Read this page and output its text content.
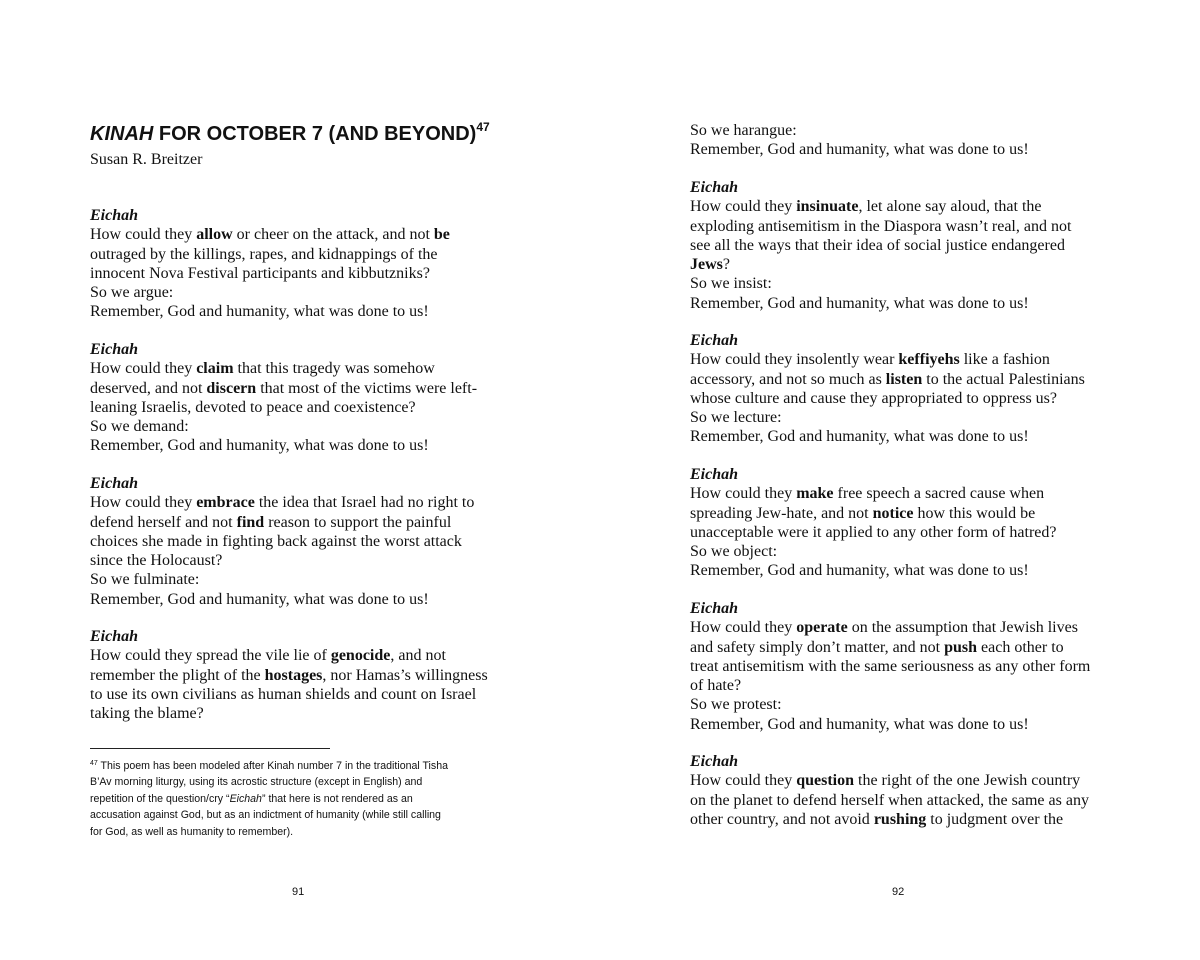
KINAH FOR OCTOBER 7 (AND BEYOND)$^{47}$
Susan R. Breitzer
Eichah
How could they allow or cheer on the attack, and not be
outraged by the killings, rapes, and kidnappings of the
innocent Nova Festival participants and kibbutzniks?
So we argue:
Remember, God and humanity, what was done to us!
Eichah
How could they claim that this tragedy was somehow
deserved, and not discern that most of the victims were left-
leaning Israelis, devoted to peace and coexistence?
So we demand:
Remember, God and humanity, what was done to us!
Eichah
How could they embrace the idea that Israel had no right to
defend herself and not find reason to support the painful
choices she made in fighting back against the worst attack
since the Holocaust?
So we fulminate:
Remember, God and humanity, what was done to us!
Eichah
How could they spread the vile lie of genocide, and not
remember the plight of the hostages, nor Hamas’s willingness
to use its own civilians as human shields and count on Israel
taking the blame?
$^{47}$ This poem has been modeled after Kinah number 7 in the traditional Tisha
B’Av morning liturgy, using its acrostic structure (except in English) and
repetition of the question/cry “Eichah” that here is not rendered as an
accusation against God, but as an indictment of humanity (while still calling
for God, as well as humanity to remember).
91
So we harangue:
Remember, God and humanity, what was done to us!
Eichah
How could they insinuate, let alone say aloud, that the
exploding antisemitism in the Diaspora wasn’t real, and not
see all the ways that their idea of social justice endangered
Jews?
So we insist:
Remember, God and humanity, what was done to us!
Eichah
How could they insolently wear keffiyehs like a fashion
accessory, and not so much as listen to the actual Palestinians
whose culture and cause they appropriated to oppress us?
So we lecture:
Remember, God and humanity, what was done to us!
Eichah
How could they make free speech a sacred cause when
spreading Jew-hate, and not notice how this would be
unacceptable were it applied to any other form of hatred?
So we object:
Remember, God and humanity, what was done to us!
Eichah
How could they operate on the assumption that Jewish lives
and safety simply don’t matter, and not push each other to
treat antisemitism with the same seriousness as any other form
of hate?
So we protest:
Remember, God and humanity, what was done to us!
Eichah
How could they question the right of the one Jewish country
on the planet to defend herself when attacked, the same as any
other country, and not avoid rushing to judgment over the
92
